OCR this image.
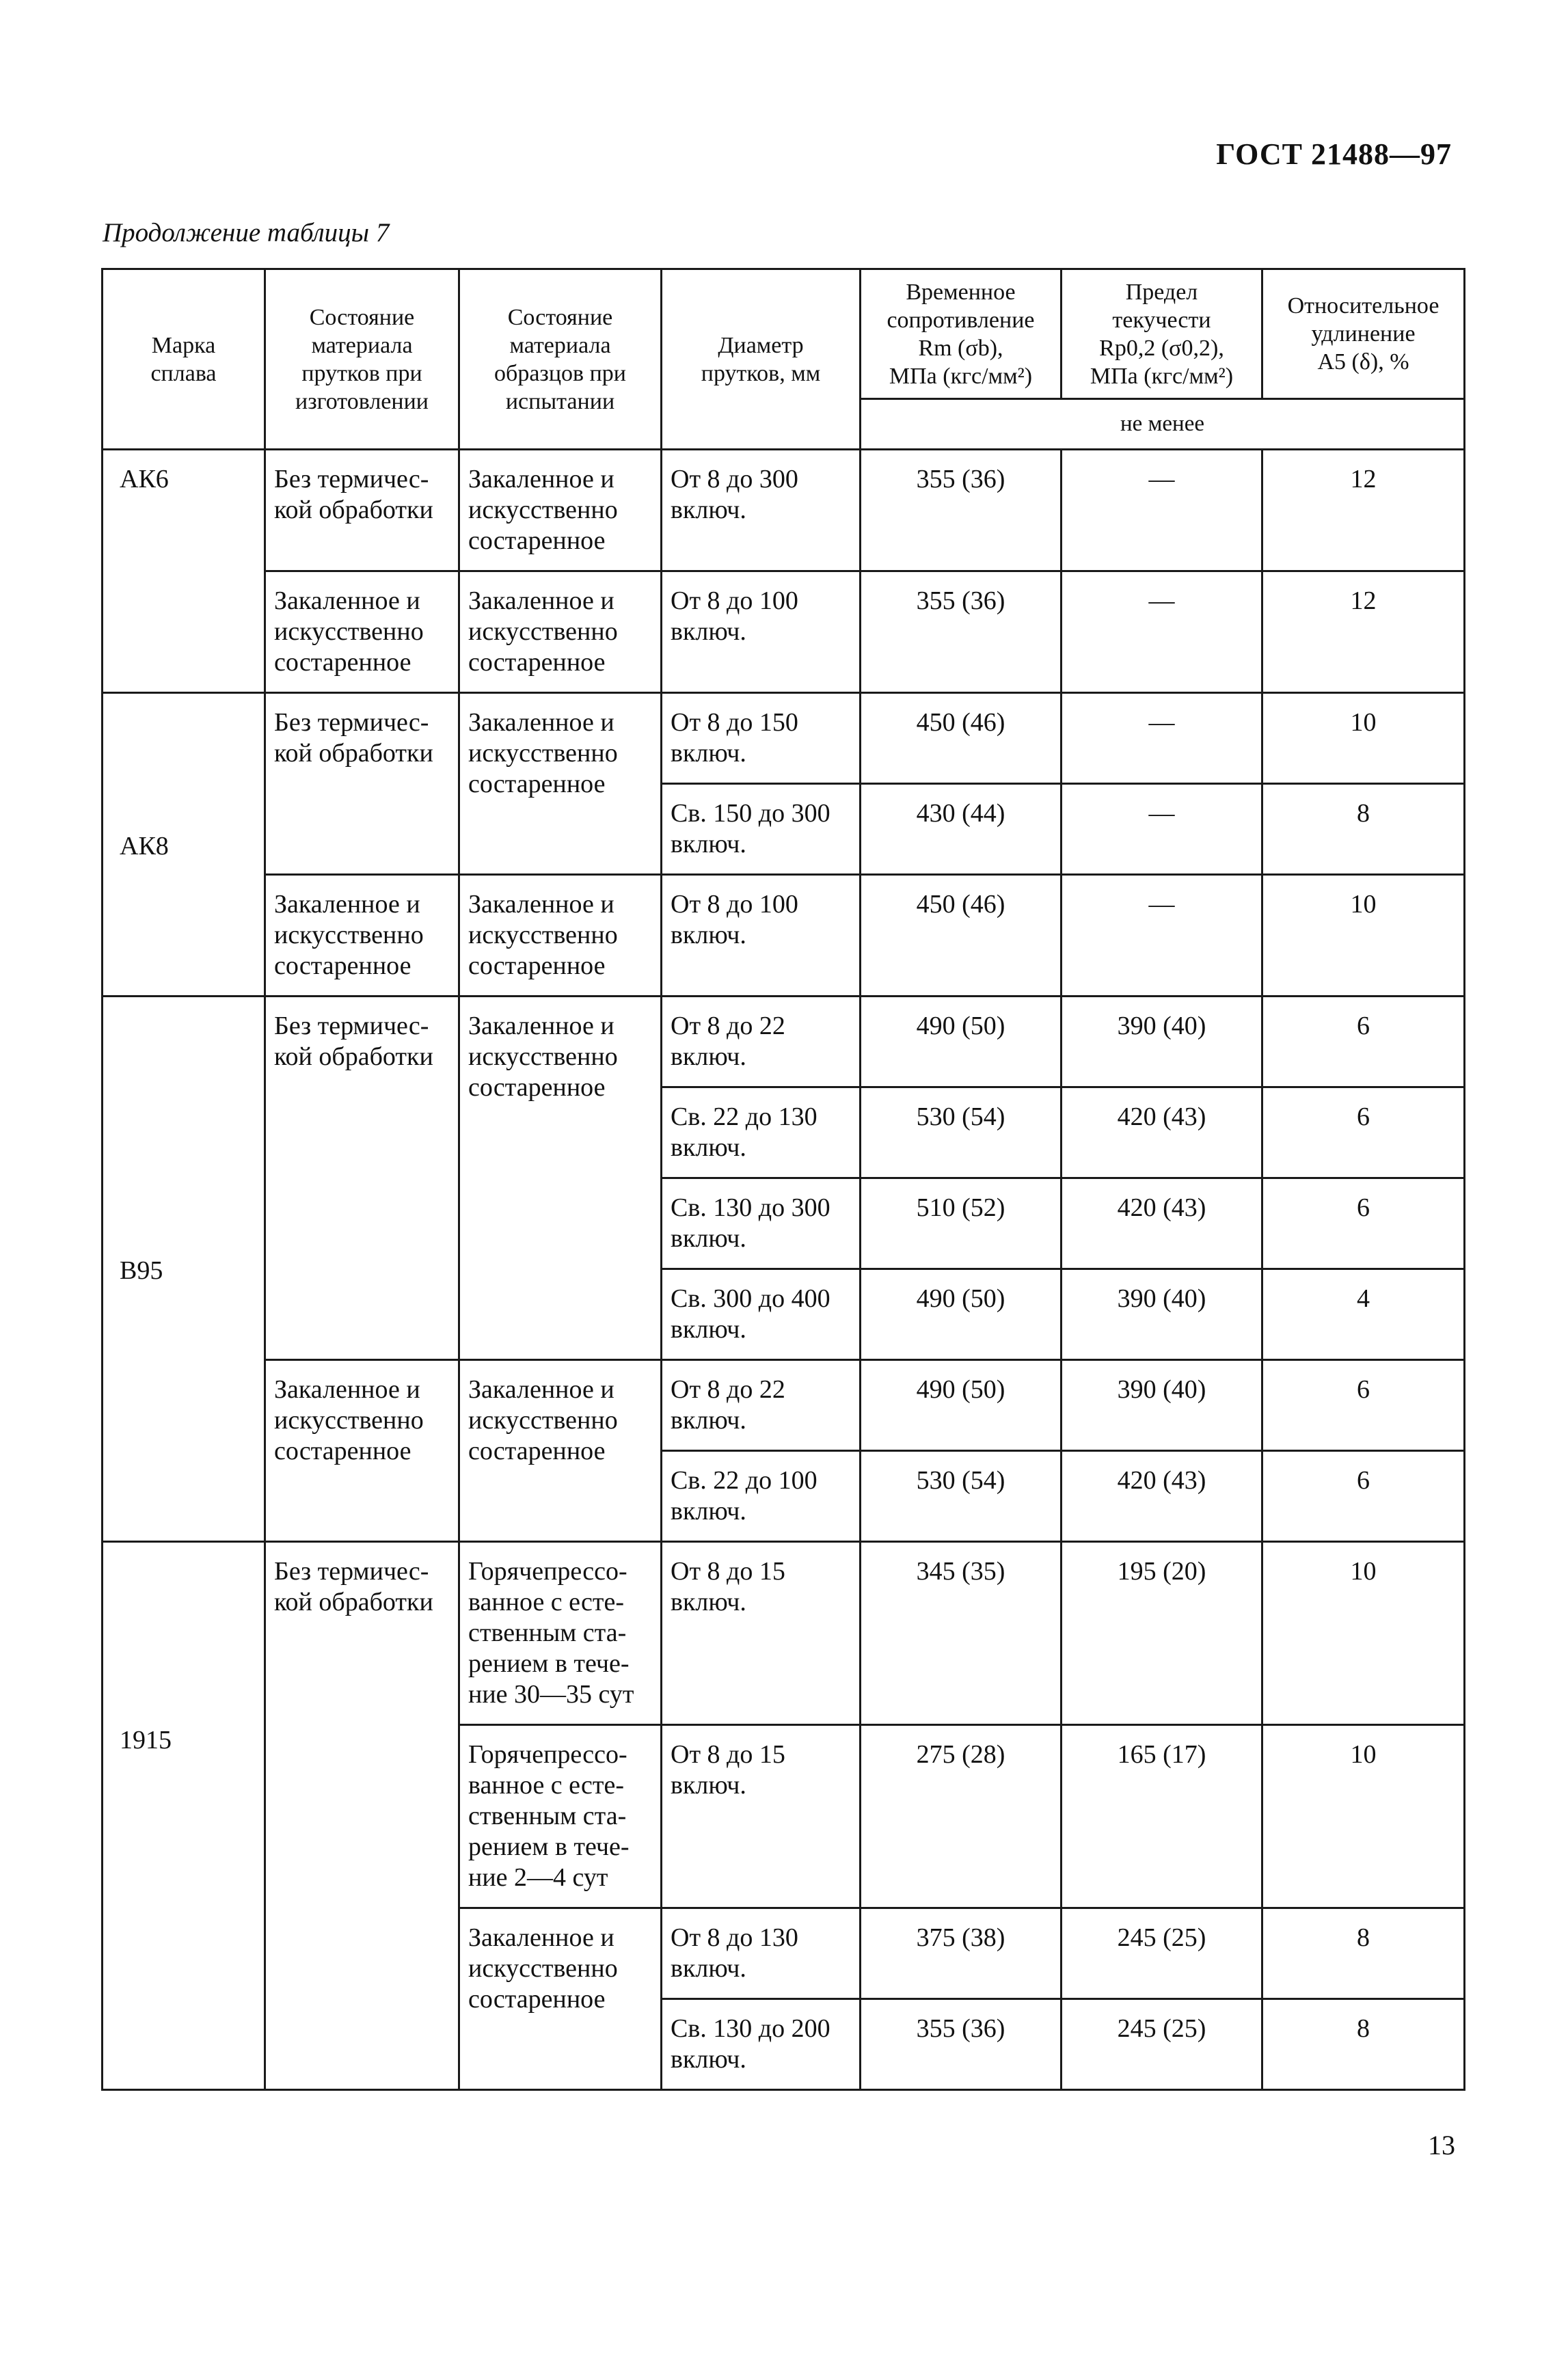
ГОСТ 21488—97
Продолжение таблицы 7
Марка
сплава	Состояние
материала
прутков при
изготовлении	Состояние
материала
образцов при
испытании	Диаметр
прутков, мм	Временное
сопротивление
Rm (σb),
МПа (кгс/мм²)	Предел
текучести
Rp0,2 (σ0,2),
МПа (кгс/мм²)	Относительное
удлинение
A5 (δ), %
				не менее		
АК6	Без термичес-
кой обработки	Закаленное и
искусственно
состаренное	От 8 до 300
включ.	355 (36)	—	12
	Закаленное и
искусственно
состаренное	Закаленное и
искусственно
состаренное	От 8 до 100
включ.	355 (36)	—	12
АК8	Без термичес-
кой обработки	Закаленное и
искусственно
состаренное	От 8 до 150
включ.	450 (46)	—	10
			Св. 150 до 300
включ.	430 (44)	—	8
	Закаленное и
искусственно
состаренное	Закаленное и
искусственно
состаренное	От 8 до 100
включ.	450 (46)	—	10
В95	Без термичес-
кой обработки	Закаленное и
искусственно
состаренное	От 8 до 22
включ.	490 (50)	390 (40)	6
			Св. 22 до 130
включ.	530 (54)	420 (43)	6
			Св. 130 до 300
включ.	510 (52)	420 (43)	6
			Св. 300 до 400
включ.	490 (50)	390 (40)	4
	Закаленное и
искусственно
состаренное	Закаленное и
искусственно
состаренное	От 8 до 22
включ.	490 (50)	390 (40)	6
			Св. 22 до 100
включ.	530 (54)	420 (43)	6
1915	Без термичес-
кой обработки	Горячепрессо-
ванное с есте-
ственным ста-
рением в тече-
ние 30—35 сут	От 8 до 15
включ.	345 (35)	195 (20)	10
		Горячепрессо-
ванное с есте-
ственным ста-
рением в тече-
ние 2—4 сут	От 8 до 15
включ.	275 (28)	165 (17)	10
		Закаленное и
искусственно
состаренное	От 8 до 130
включ.	375 (38)	245 (25)	8
			Св. 130 до 200
включ.	355 (36)	245 (25)	8
13
